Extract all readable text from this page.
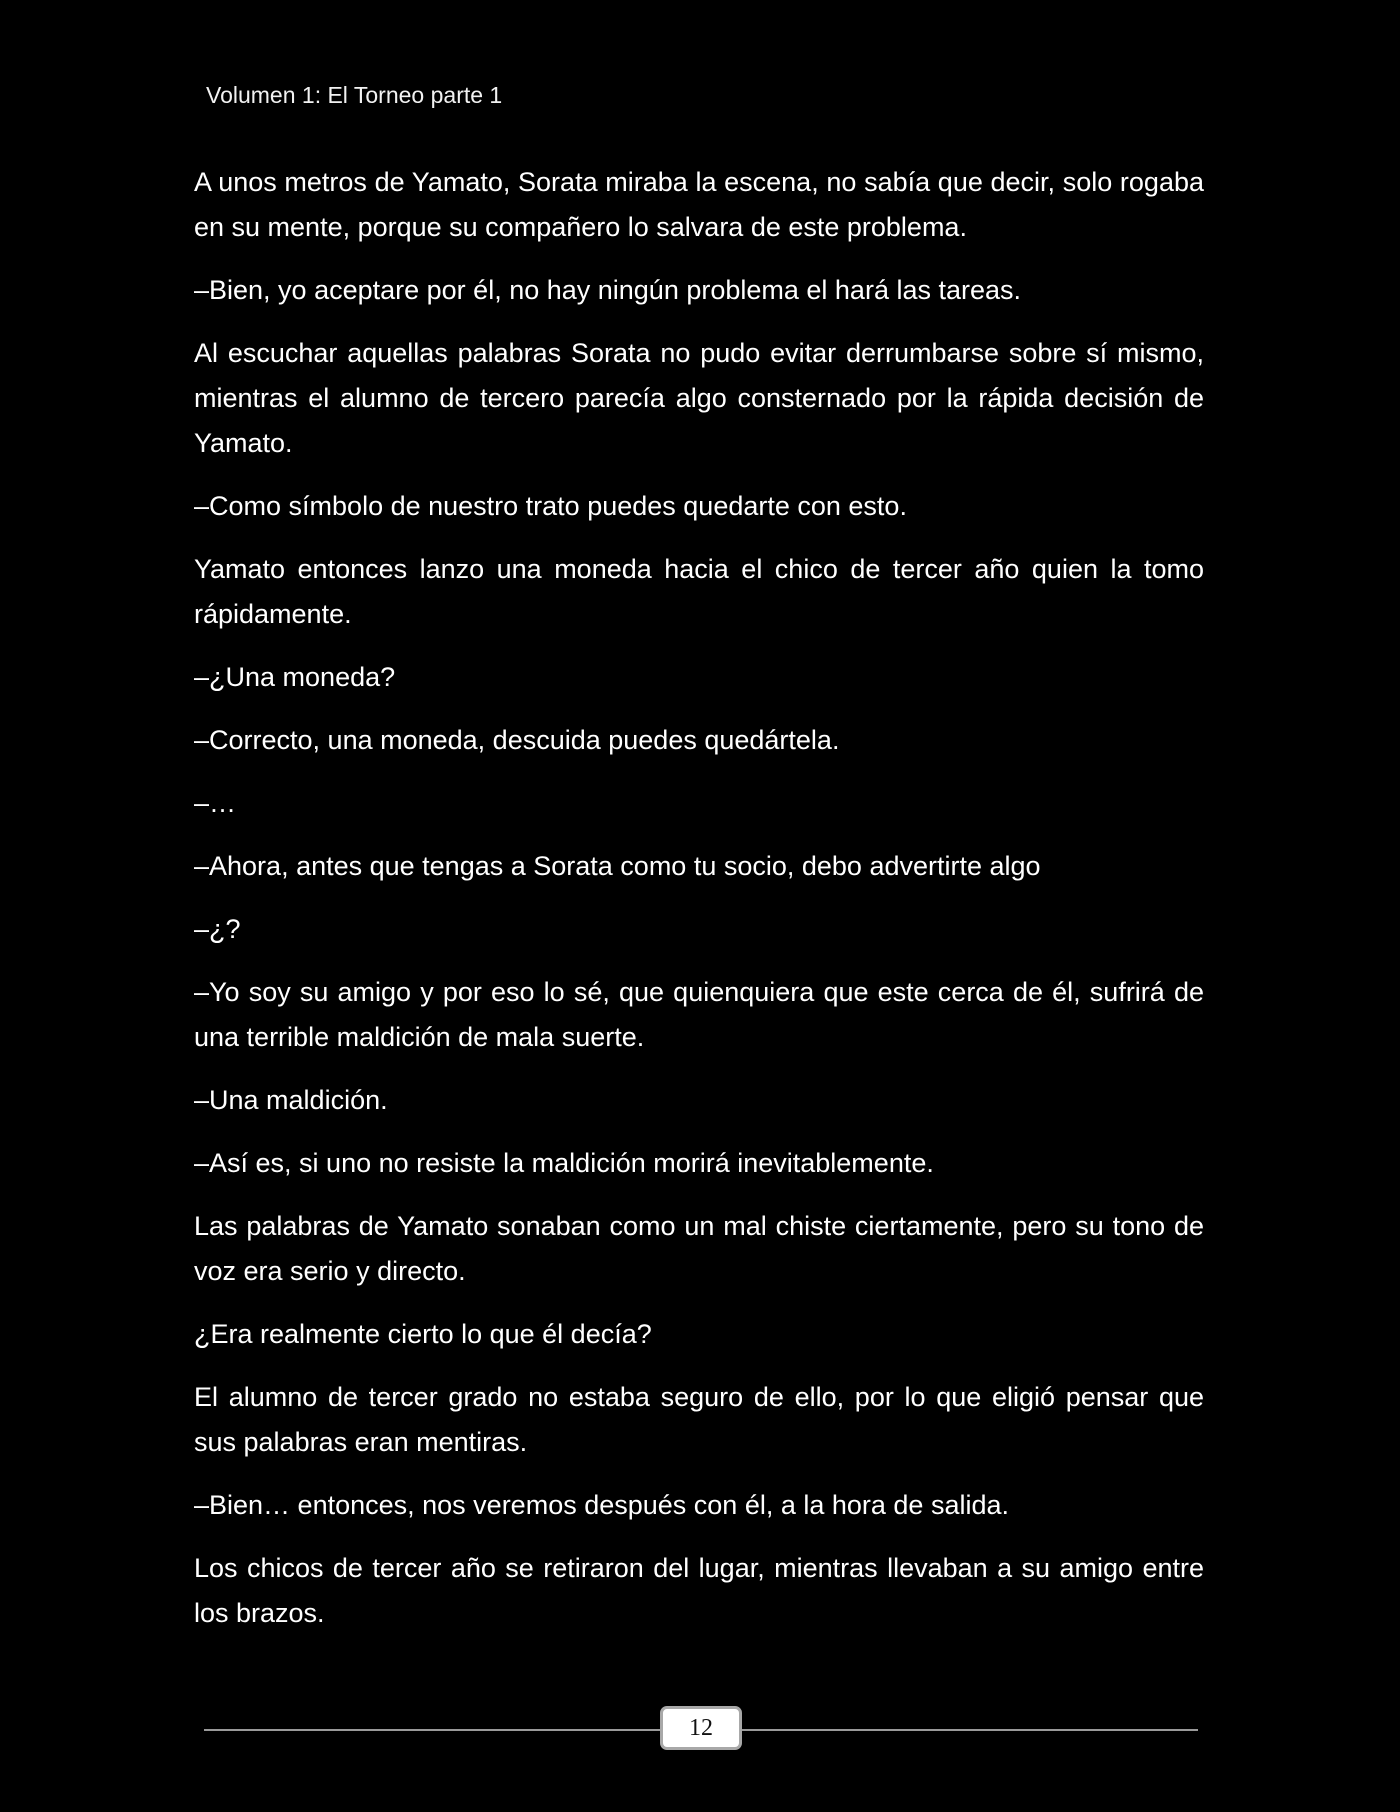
Volumen 1: El Torneo parte 1

A unos metros de Yamato, Sorata miraba la escena, no sabía que decir, solo rogaba en su mente, porque su compañero lo salvara de este problema.

–Bien, yo aceptare por él, no hay ningún problema el hará las tareas.

Al escuchar aquellas palabras Sorata no pudo evitar derrumbarse sobre sí mismo, mientras el alumno de tercero parecía algo consternado por la rápida decisión de Yamato.

–Como símbolo de nuestro trato puedes quedarte con esto.

Yamato entonces lanzo una moneda hacia el chico de tercer año quien la tomo rápidamente.

–¿Una moneda?

–Correcto, una moneda, descuida puedes quedártela.

–…

–Ahora, antes que tengas a Sorata como tu socio, debo advertirte algo

–¿?

–Yo soy su amigo y por eso lo sé, que quienquiera que este cerca de él, sufrirá de una terrible maldición de mala suerte.

–Una maldición.

–Así es, si uno no resiste la maldición morirá inevitablemente.

Las palabras de Yamato sonaban como un mal chiste ciertamente, pero su tono de voz era serio y directo.

¿Era realmente cierto lo que él decía?

El alumno de tercer grado no estaba seguro de ello, por lo que eligió pensar que sus palabras eran mentiras.

–Bien… entonces, nos veremos después con él, a la hora de salida.

Los chicos de tercer año se retiraron del lugar, mientras llevaban a su amigo entre los brazos.

12
